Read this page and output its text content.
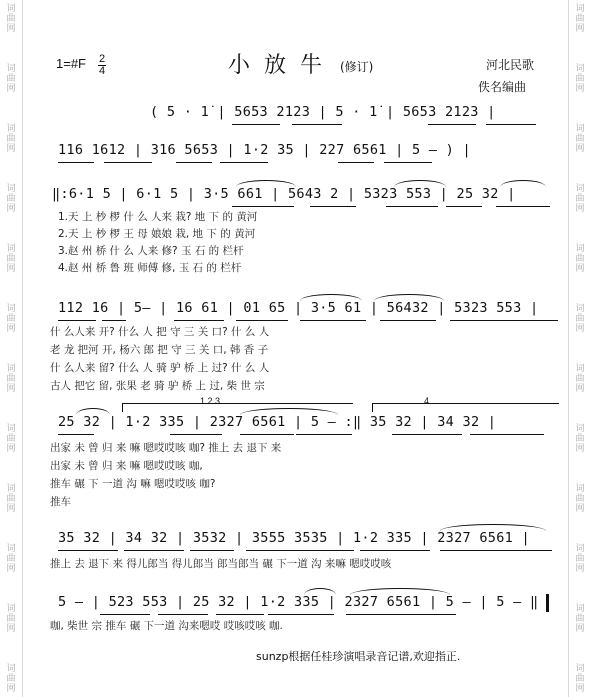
词
曲
网
词
曲
网
词
曲
网
词
曲
网
词
曲
网
词
曲
网
词
曲
网
词
曲
网
词
曲
网
词
曲
网
词
曲
网
词
曲
网
词
曲
网
词
曲
网
词
曲
网
词
曲
网
词
曲
网
词
曲
网
词
曲
网
词
曲
网
词
曲
网
词
曲
网
词
曲
网
词
曲
网
1=#F 2
4	小放牛 (修订)	河北民歌
佚名编曲
( 5 · 1̇ | 5653 2123 | 5 · 1̇ | 5653 2123 |
116 1612 | 316 5653 | 1·2 35 | 227 6561 | 5 – ) |
‖:6·1 5 | 6·1 5 | 3·5 661 | 5643 2 | 5323 553 | 25 32 |
1.天 上 杪 椤 什 么 人来 栽? 地 下 的 黄河
2.天 上 杪 椤 王 母 娘娘 栽, 地 下 的 黄河
3.赵 州 桥 什 么 人来 修? 玉 石 的 栏杆
4.赵 州 桥 鲁 班 师傅 修, 玉 石 的 栏杆
112 16 | 5– | 16 61 | 01 65 | 3·5 61 | 56432 | 5323 553 |
什 么人来 开? 什么 人 把 守 三 关 口? 什 么 人
老 龙 把河 开, 杨六 郎 把 守 三 关 口, 韩 香 子
什 么人来 留? 什么 人 骑 驴 桥 上 过? 什 么 人
古人 把它 留, 张果 老 骑 驴 桥 上 过, 柴 世 宗
1 2 3	4
25 32 | 1·2 335 | 2327 6561 | 5 – :‖ 35 32 | 34 32 |
出家 未 曾 归 来 嘛 嗯哎哎咳 咖? 推上 去 退下 来
出家 未 曾 归 来 嘛 嗯哎哎咳 咖,
推车 碾 下 一道 沟 嘛 嗯哎哎咳 咖?
推车
35 32 | 34 32 | 3532 | 3555 3535 | 1·2 335 | 2327 6561 |
推上 去 退下 来 得儿郎当 得儿郎当 郎当郎当 碾 下一道 沟 来嘛 嗯哎哎咳
5 – | 523 553 | 25 32 | 1·2 335 | 2327 6561 | 5 – | 5 – ‖
咖, 柴世 宗 推车 碾 下一道 沟来嗯哎 哎咳哎咳 咖.
sunzp根据任桂珍演唱录音记谱,欢迎指正.
